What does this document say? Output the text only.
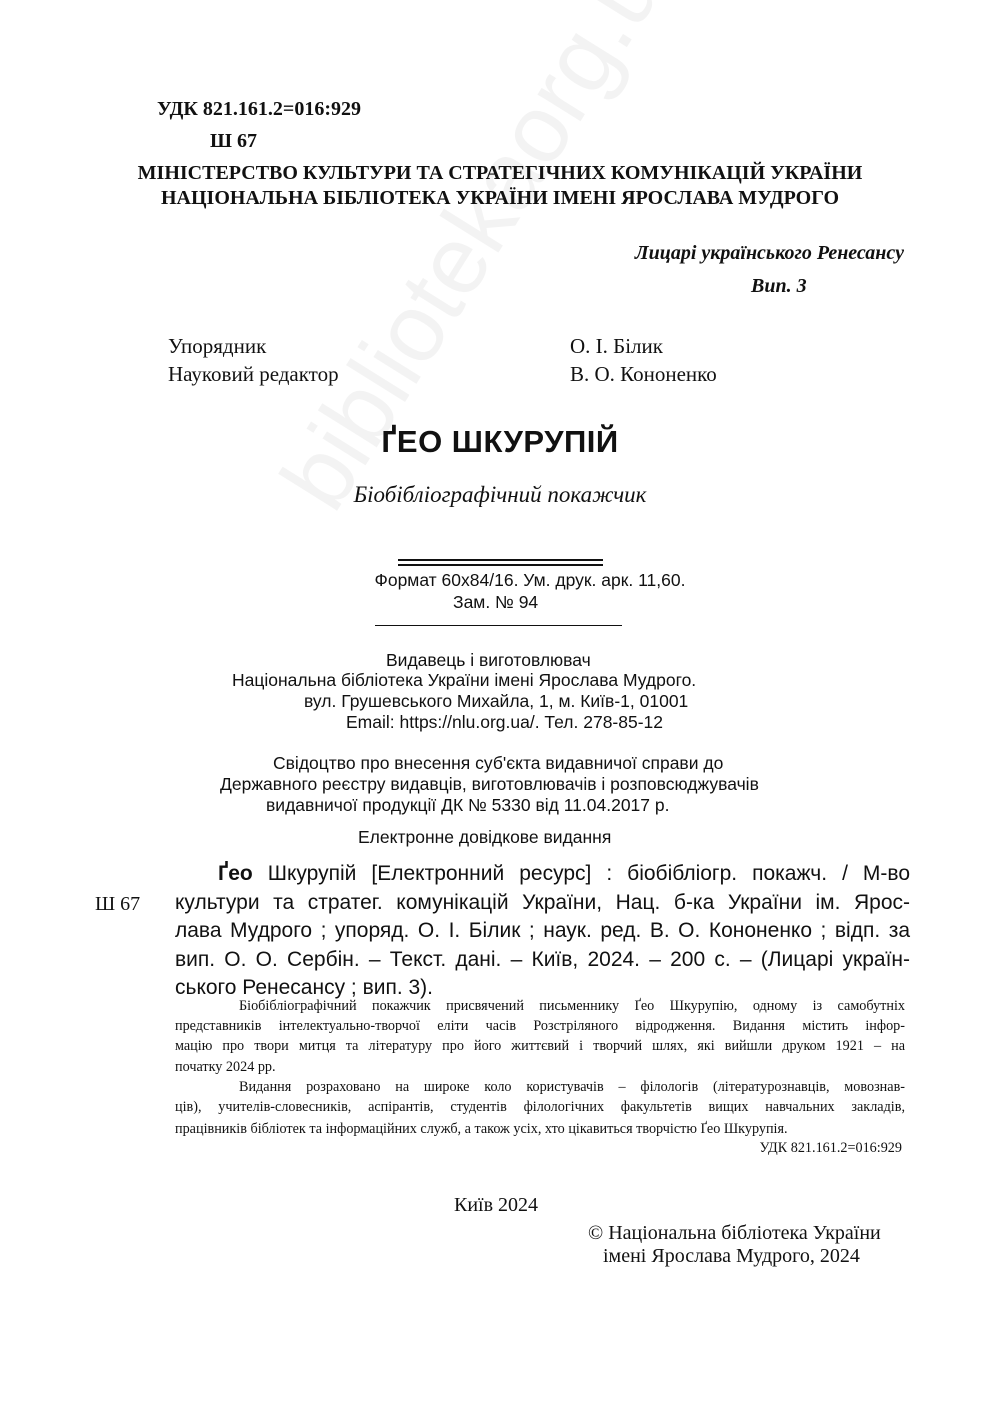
УДК 821.161.2=016:929
Ш 67
МІНІСТЕРСТВО КУЛЬТУРИ ТА СТРАТЕГІЧНИХ КОМУНІКАЦІЙ УКРАЇНИ
НАЦІОНАЛЬНА БІБЛІОТЕКА УКРАЇНИ ІМЕНІ ЯРОСЛАВА МУДРОГО
Лицарі українського Ренесансу
Вип. 3
Упорядник	О. І. Білик
Науковий редактор	В. О. Кононенко
ҐЕО ШКУРУПІЙ
Біобібліографічний покажчик
Формат 60х84/16. Ум. друк. арк. 11,60.
Зам. № 94
Видавець і виготовлювач
Національна бібліотека України імені Ярослава Мудрого.
вул. Грушевського Михайла, 1, м. Київ-1, 01001
Email: https://nlu.org.ua/. Тел. 278-85-12
Свідоцтво про внесення суб'єкта видавничої справи до
Державного реєстру видавців, виготовлювачів і розповсюджувачів
видавничої продукції ДК № 5330 від 11.04.2017 р.
Електронне довідкове видання
Ш 67
Ґео Шкурупій [Електронний ресурс] : біобібліогр. покажч. / М-во
культури та стратег. комунікацій України, Нац. б-ка України ім. Ярос-
лава Мудрого ; упоряд. О. І. Білик ; наук. ред. В. О. Кононенко ; відп. за
вип. О. О. Сербін. – Текст. дані. – Київ, 2024. – 200 с. – (Лицарі україн-
ського Ренесансу ; вип. 3).
Біобібліографічний покажчик присвячений письменнику Ґео Шкурупію, одному із самобутніх
представників інтелектуально-творчої еліти часів Розстріляного відродження. Видання містить інфор-
мацію про твори митця та літературу про його життєвий і творчий шлях, які вийшли друком 1921 – на
початку 2024 рр.
Видання розраховано на широке коло користувачів – філологів (літературознавців, мовознав-
ців), учителів-словесників, аспірантів, студентів філологічних факультетів вищих навчальних закладів,
працівників бібліотек та інформаційних служб, а також усіх, хто цікавиться творчістю Ґео Шкурупія.
УДК 821.161.2=016:929
Київ 2024
© Національна бібліотека України
імені Ярослава Мудрого, 2024
